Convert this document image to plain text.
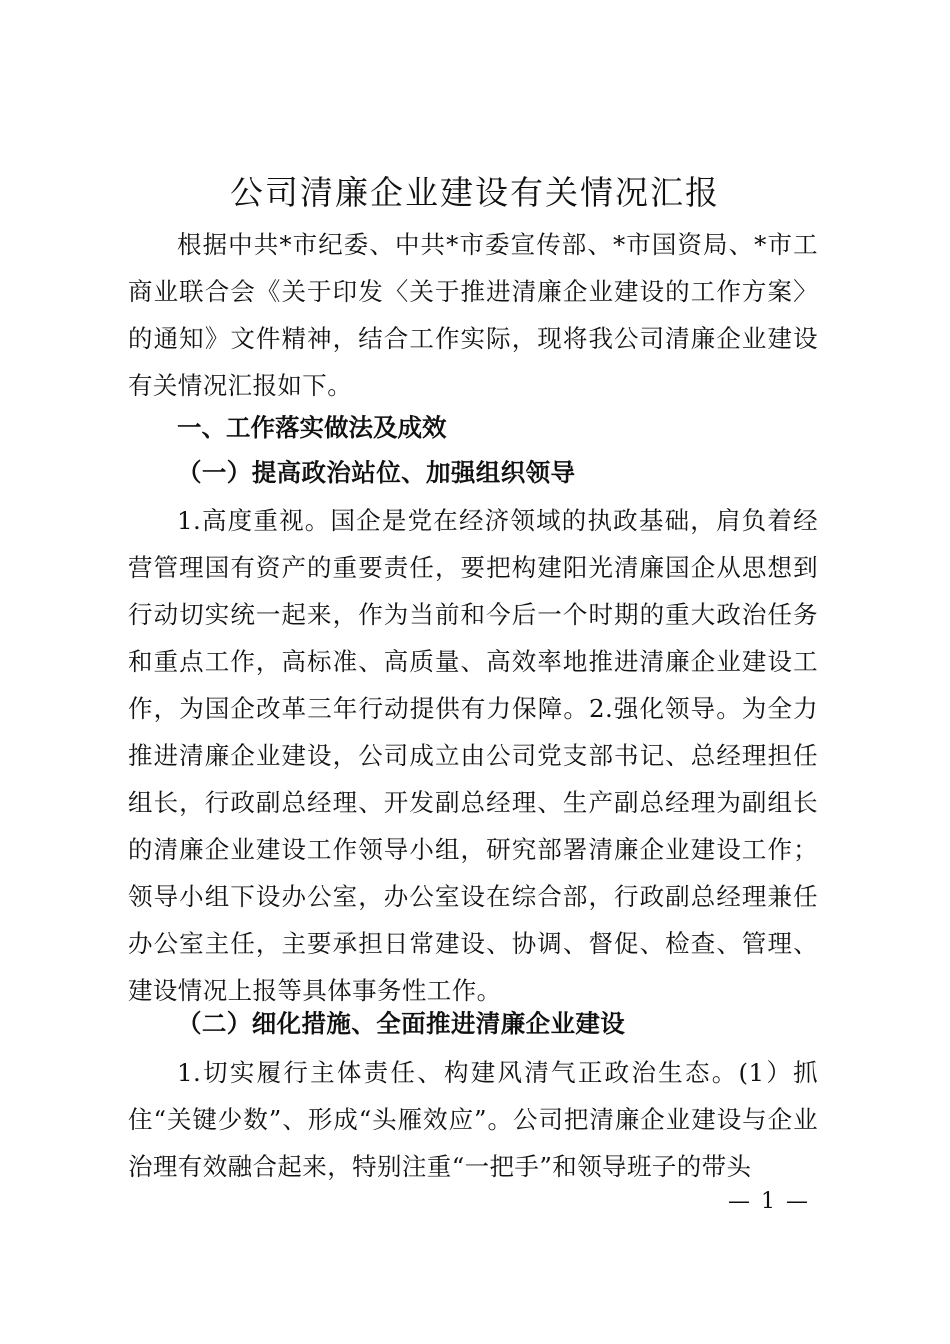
公司清廉企业建设有关情况汇报

根据中共*市纪委、中共*市委宣传部、*市国资局、*市工商业联合会《关于印发〈关于推进清廉企业建设的工作方案〉的通知》文件精神，结合工作实际，现将我公司清廉企业建设有关情况汇报如下。

一、工作落实做法及成效
（一）提高政治站位、加强组织领导

1.高度重视。国企是党在经济领域的执政基础，肩负着经营管理国有资产的重要责任，要把构建阳光清廉国企从思想到行动切实统一起来，作为当前和今后一个时期的重大政治任务和重点工作，高标准、高质量、高效率地推进清廉企业建设工作，为国企改革三年行动提供有力保障。2.强化领导。为全力推进清廉企业建设，公司成立由公司党支部书记、总经理担任组长，行政副总经理、开发副总经理、生产副总经理为副组长的清廉企业建设工作领导小组，研究部署清廉企业建设工作；领导小组下设办公室，办公室设在综合部，行政副总经理兼任办公室主任，主要承担日常建设、协调、督促、检查、管理、建设情况上报等具体事务性工作。

（二）细化措施、全面推进清廉企业建设

1.切实履行主体责任、构建风清气正政治生态。(1）抓住“关键少数”、形成“头雁效应”。公司把清廉企业建设与企业治理有效融合起来，特别注重“一把手”和领导班子的带头

— 1 —
